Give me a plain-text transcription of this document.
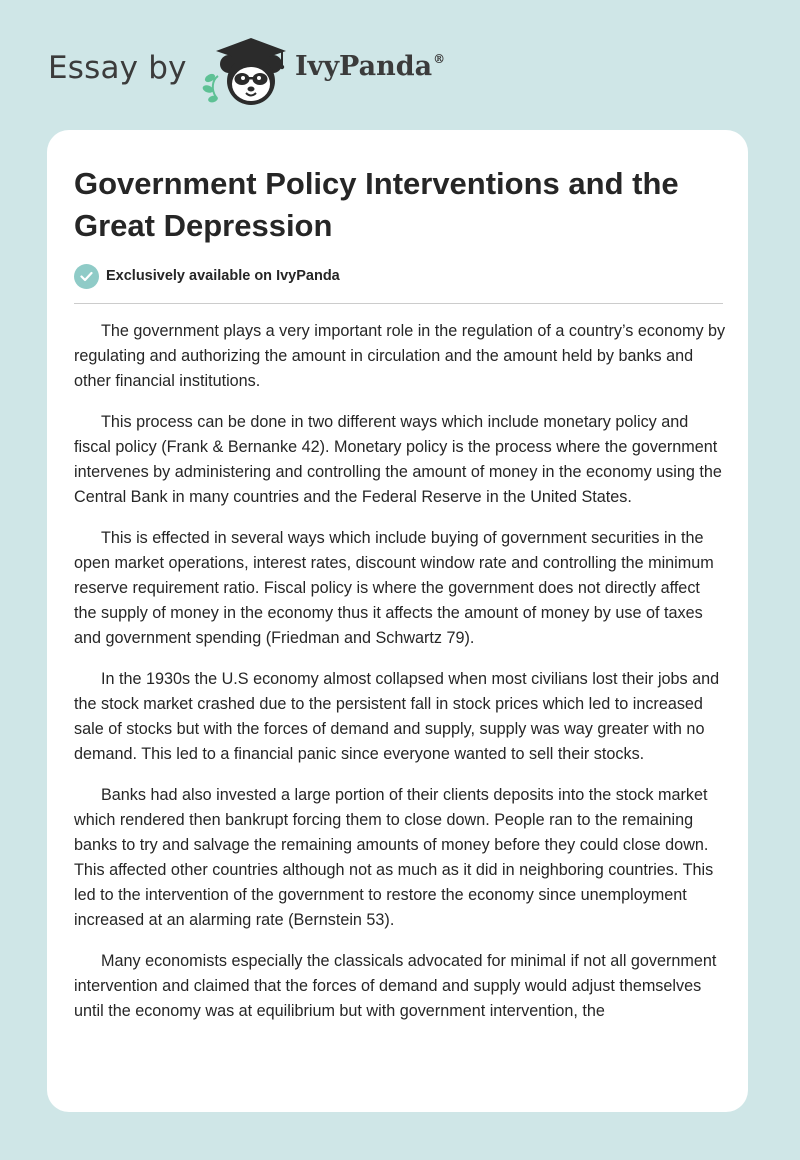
Essay by	IvyPanda®
Government Policy Interventions and the Great Depression
Exclusively available on IvyPanda

The government plays a very important role in the regulation of a country’s economy by regulating and authorizing the amount in circulation and the amount held by banks and other financial institutions.

This process can be done in two different ways which include monetary policy and fiscal policy (Frank & Bernanke 42). Monetary policy is the process where the government intervenes by administering and controlling the amount of money in the economy using the Central Bank in many countries and the Federal Reserve in the United States.

This is effected in several ways which include buying of government securities in the open market operations, interest rates, discount window rate and controlling the minimum reserve requirement ratio. Fiscal policy is where the government does not directly affect the supply of money in the economy thus it affects the amount of money by use of taxes and government spending (Friedman and Schwartz 79).

In the 1930s the U.S economy almost collapsed when most civilians lost their jobs and the stock market crashed due to the persistent fall in stock prices which led to increased sale of stocks but with the forces of demand and supply, supply was way greater with no demand. This led to a financial panic since everyone wanted to sell their stocks.

Banks had also invested a large portion of their clients deposits into the stock market which rendered then bankrupt forcing them to close down. People ran to the remaining banks to try and salvage the remaining amounts of money before they could close down. This affected other countries although not as much as it did in neighboring countries. This led to the intervention of the government to restore the economy since unemployment increased at an alarming rate (Bernstein 53).

Many economists especially the classicals advocated for minimal if not all government intervention and claimed that the forces of demand and supply would adjust themselves until the economy was at equilibrium but with government intervention, the
